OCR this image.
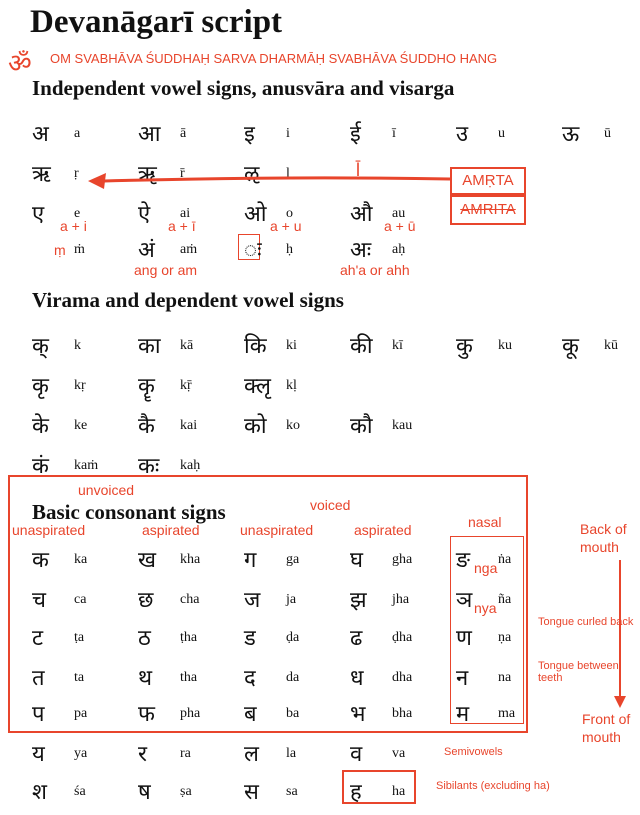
Devanāgarī script
ॐ OM SVABHĀVA ŚUDDHAḤ SARVA DHARMĀḤ SVABHĀVA ŚUDDHO HANG
Independent vowel signs, anusvāra and visarga
अ a	आ ā	इ i	ई ī	उ u	ऊ ū
ऋ ṛ	ॠ ṝ	ऌ ḷ	ḹ
AMṚTA
AMRITA
ए e	ऐ ai ओ o	औ au
a + i	a + ī	a + u	a + ū
ṃ ṁ अं aṁ ः ḥ	अः aḥ
ang or am	ah'a or ahh
Virama and dependent vowel signs
क् k	का kā कि ki की kī कु ku कू kū
कृ kṛ कॄ kṝ क्लृ kḷ
के ke कै kai को ko कौ kau
कं kaṁ कः kaḥ
unvoiced
voiced
Basic consonant signs
unaspirated	aspirated	unaspirated	aspirated	nasal
क ka ख kha ग ga घ gha ङ ṅa
nga
च ca छ cha ज ja झ jha ञ ña
nya
ट ṭa ठ ṭha ड ḍa ढ ḍha ण ṇa
त ta थ tha द da ध dha न na
प pa फ pha ब ba भ bha म ma
य ya र ra ल la व va	Semivowels
श śa ष ṣa स sa ह ha	Sibilants (excluding ha)
Back of mouth
Tongue curled back
Tongue between teeth
Front of mouth
